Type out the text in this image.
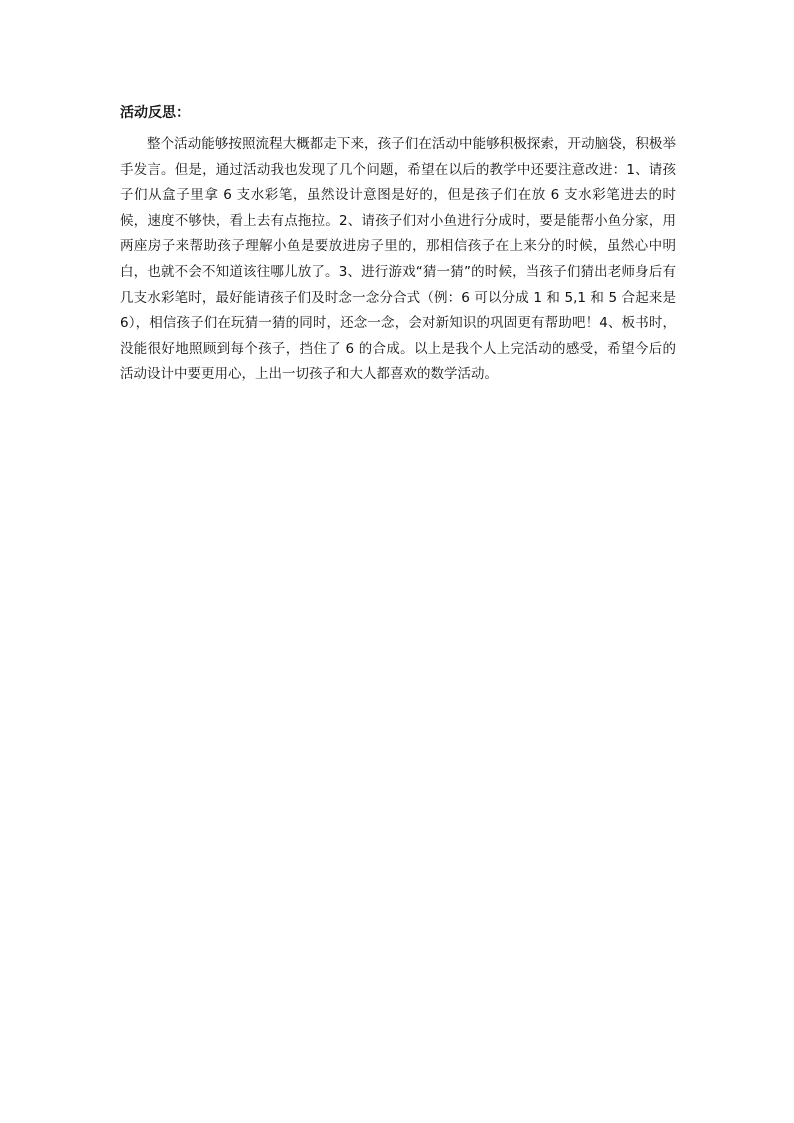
活动反思：

整个活动能够按照流程大概都走下来，孩子们在活动中能够积极探索，开动脑袋，积极举手发言。但是，通过活动我也发现了几个问题，希望在以后的教学中还要注意改进：1、请孩子们从盒子里拿 6 支水彩笔，虽然设计意图是好的，但是孩子们在放 6 支水彩笔进去的时候，速度不够快，看上去有点拖拉。2、请孩子们对小鱼进行分成时，要是能帮小鱼分家，用两座房子来帮助孩子理解小鱼是要放进房子里的，那相信孩子在上来分的时候，虽然心中明白，也就不会不知道该往哪儿放了。3、进行游戏“猜一猜”的时候，当孩子们猜出老师身后有几支水彩笔时，最好能请孩子们及时念一念分合式（例：6 可以分成 1 和 5,1 和 5 合起来是 6），相信孩子们在玩猜一猜的同时，还念一念，会对新知识的巩固更有帮助吧！4、板书时，没能很好地照顾到每个孩子，挡住了 6 的合成。以上是我个人上完活动的感受，希望今后的活动设计中要更用心，上出一切孩子和大人都喜欢的数学活动。
